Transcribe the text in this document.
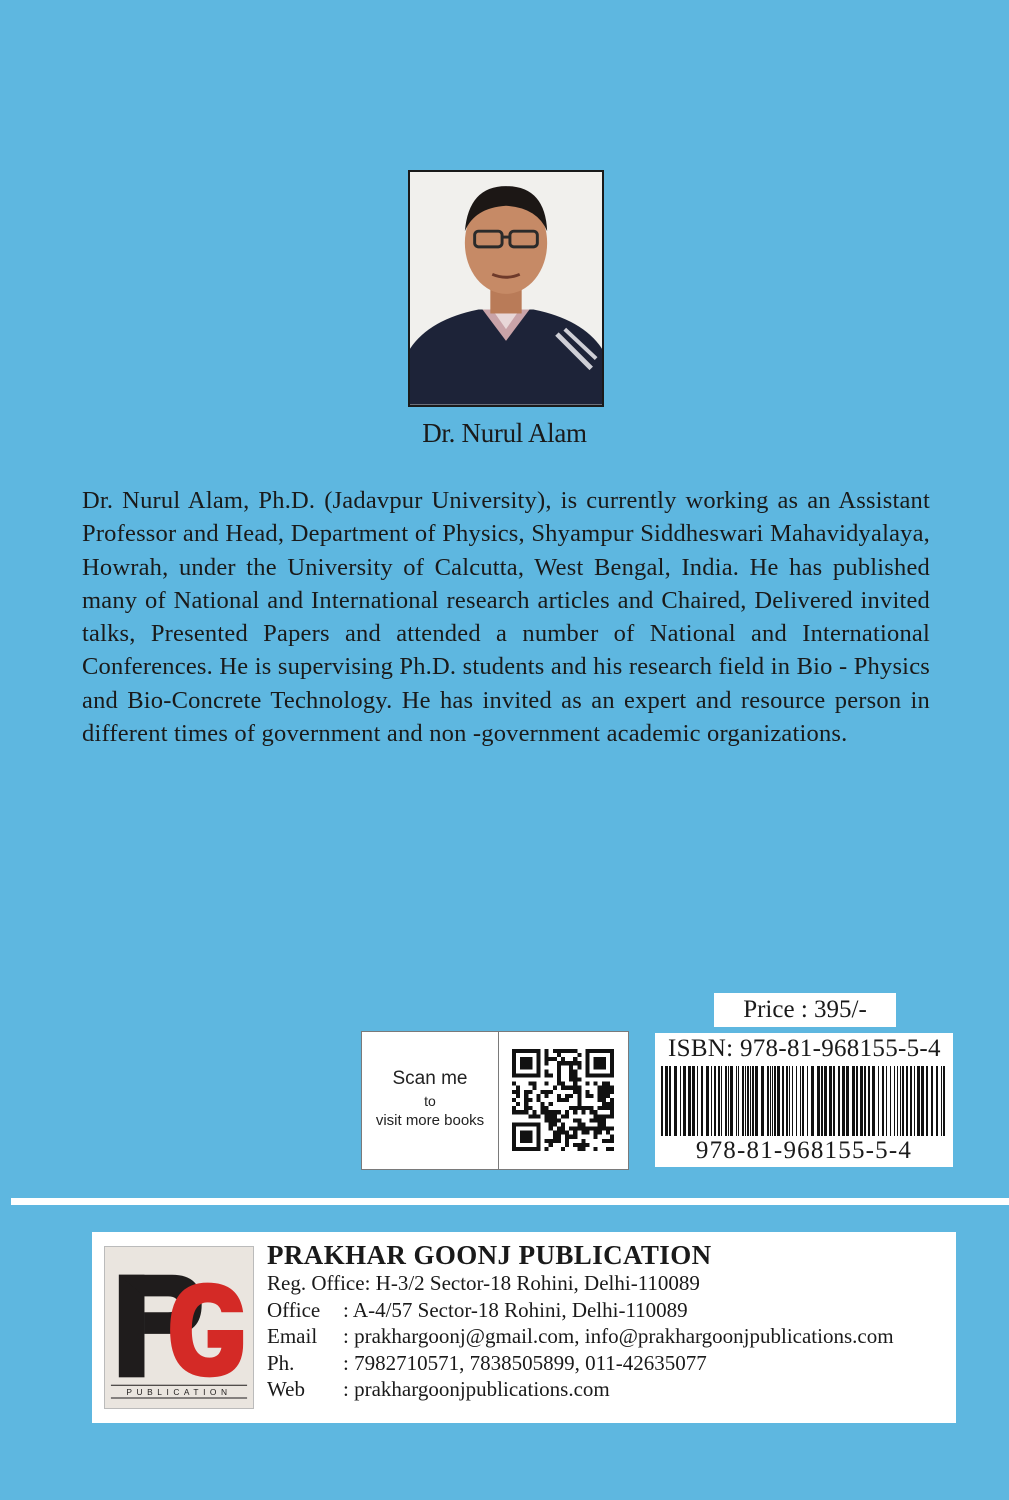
Dr. Nurul Alam
Dr. Nurul Alam, Ph.D. (Jadavpur University), is currently working as an Assistant Professor and Head, Department of Physics, Shyampur Siddheswari Mahavidyalaya, Howrah, under the University of Calcutta, West Bengal, India. He has published many of National and International research articles and Chaired, Delivered invited talks, Presented Papers and attended a number of National and International Conferences. He is supervising Ph.D. students and his research field in Bio - Physics and Bio-Concrete Technology. He has invited as an expert and resource person in different times of government and non -government academic organizations.
Price : 395/-
Scan me
to
visit more books
ISBN: 978-81-968155-5-4
978-81-968155-5-4
PUBLICATION
PRAKHAR GOONJ PUBLICATION
Reg. Office: H-3/2 Sector-18 Rohini, Delhi-110089
Office : A-4/57 Sector-18 Rohini, Delhi-110089
Email : prakhargoonj@gmail.com, info@prakhargoonjpublications.com
Ph. : 7982710571, 7838505899, 011-42635077
Web : prakhargoonjpublications.com
